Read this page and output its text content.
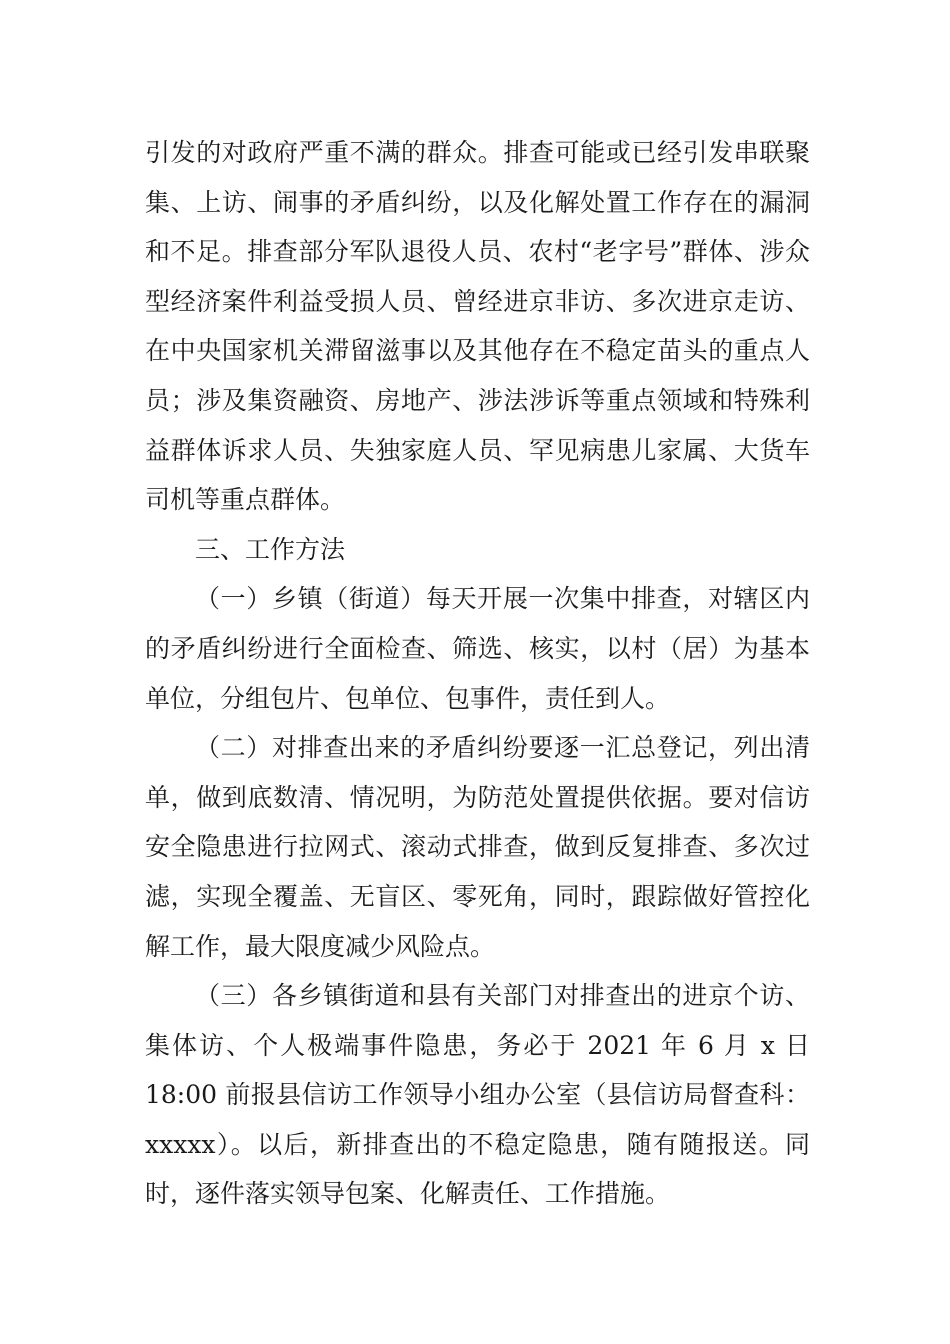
引发的对政府严重不满的群众。排查可能或已经引发串联聚集、上访、闹事的矛盾纠纷，以及化解处置工作存在的漏洞和不足。排查部分军队退役人员、农村“老字号”群体、涉众型经济案件利益受损人员、曾经进京非访、多次进京走访、在中央国家机关滞留滋事以及其他存在不稳定苗头的重点人员；涉及集资融资、房地产、涉法涉诉等重点领域和特殊利益群体诉求人员、失独家庭人员、罕见病患儿家属、大货车司机等重点群体。

三、工作方法

（一）乡镇（街道）每天开展一次集中排查，对辖区内的矛盾纠纷进行全面检查、筛选、核实，以村（居）为基本单位，分组包片、包单位、包事件，责任到人。

（二）对排查出来的矛盾纠纷要逐一汇总登记，列出清单，做到底数清、情况明，为防范处置提供依据。要对信访安全隐患进行拉网式、滚动式排查，做到反复排查、多次过滤，实现全覆盖、无盲区、零死角，同时，跟踪做好管控化解工作，最大限度减少风险点。

（三）各乡镇街道和县有关部门对排查出的进京个访、集体访、个人极端事件隐患，务必于 2021 年 6 月 x 日 18:00 前报县信访工作领导小组办公室（县信访局督查科：xxxxx）。以后，新排查出的不稳定隐患，随有随报送。同时，逐件落实领导包案、化解责任、工作措施。
